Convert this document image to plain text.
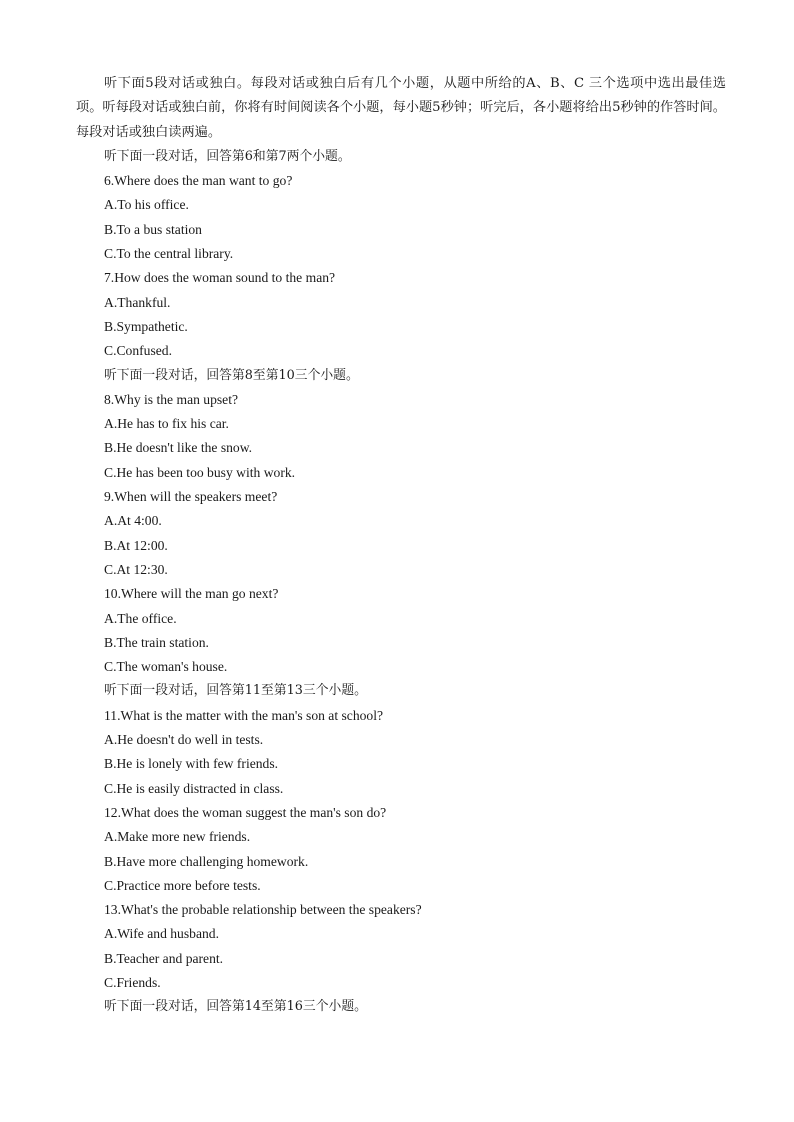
听下面5段对话或独白。每段对话或独白后有几个小题，从题中所给的A、B、C 三个选项中选出最佳选项。听每段对话或独白前，你将有时间阅读各个小题，每小题5秒钟；听完后，各小题将给出5秒钟的作答时间。每段对话或独白读两遍。

听下面一段对话，回答第6和第7两个小题。

6.Where does the man want to go?

A.To his office.

B.To a bus station

C.To the central library.

7.How does the woman sound to the man?

A.Thankful.

B.Sympathetic.

C.Confused.

听下面一段对话，回答第8至第10三个小题。

8.Why is the man upset?

A.He has to fix his car.

B.He doesn't like the snow.

C.He has been too busy with work.

9.When will the speakers meet?

A.At 4:00.

B.At 12:00.

C.At 12:30.

10.Where will the man go next?

A.The office.

B.The train station.

C.The woman's house.

听下面一段对话，回答第11至第13三个小题。

11.What is the matter with the man's son at school?

A.He doesn't do well in tests.

B.He is lonely with few friends.

C.He is easily distracted in class.

12.What does the woman suggest the man's son do?

A.Make more new friends.

B.Have more challenging homework.

C.Practice more before tests.

13.What's the probable relationship between the speakers?

A.Wife and husband.

B.Teacher and parent.

C.Friends.

听下面一段对话，回答第14至第16三个小题。
